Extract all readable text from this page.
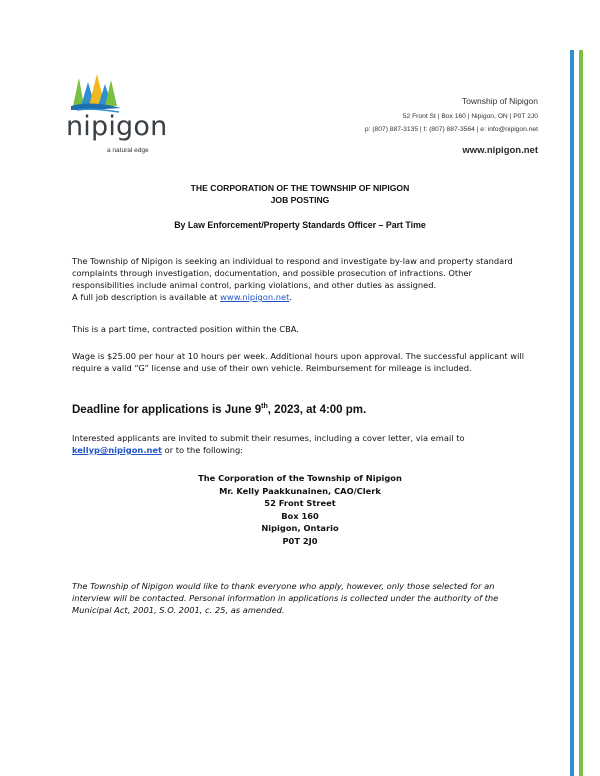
nipigon
a natural edge
Township of Nipigon
52 Front St | Box 160 | Nipigon, ON | P0T 2J0
p: (807) 887-3135 | f: (807) 887-3564 | e: info@nipigon.net
www.nipigon.net
THE CORPORATION OF THE TOWNSHIP OF NIPIGON
JOB POSTING
By Law Enforcement/Property Standards Officer – Part Time
The Township of Nipigon is seeking an individual to respond and investigate by-law and property standard complaints through investigation, documentation, and possible prosecution of infractions. Other responsibilities include animal control, parking violations, and other duties as assigned.
A full job description is available at www.nipigon.net.
This is a part time, contracted position within the CBA.
Wage is $25.00 per hour at 10 hours per week. Additional hours upon approval. The successful applicant will require a valid “G” license and use of their own vehicle. Reimbursement for mileage is included.
Deadline for applications is June 9th, 2023, at 4:00 pm.
Interested applicants are invited to submit their resumes, including a cover letter, via email to kellyp@nipigon.net or to the following:
The Corporation of the Township of Nipigon
Mr. Kelly Paakkunainen, CAO/Clerk
52 Front Street
Box 160
Nipigon, Ontario
P0T 2J0
The Township of Nipigon would like to thank everyone who apply, however, only those selected for an interview will be contacted. Personal information in applications is collected under the authority of the Municipal Act, 2001, S.O. 2001, c. 25, as amended.
